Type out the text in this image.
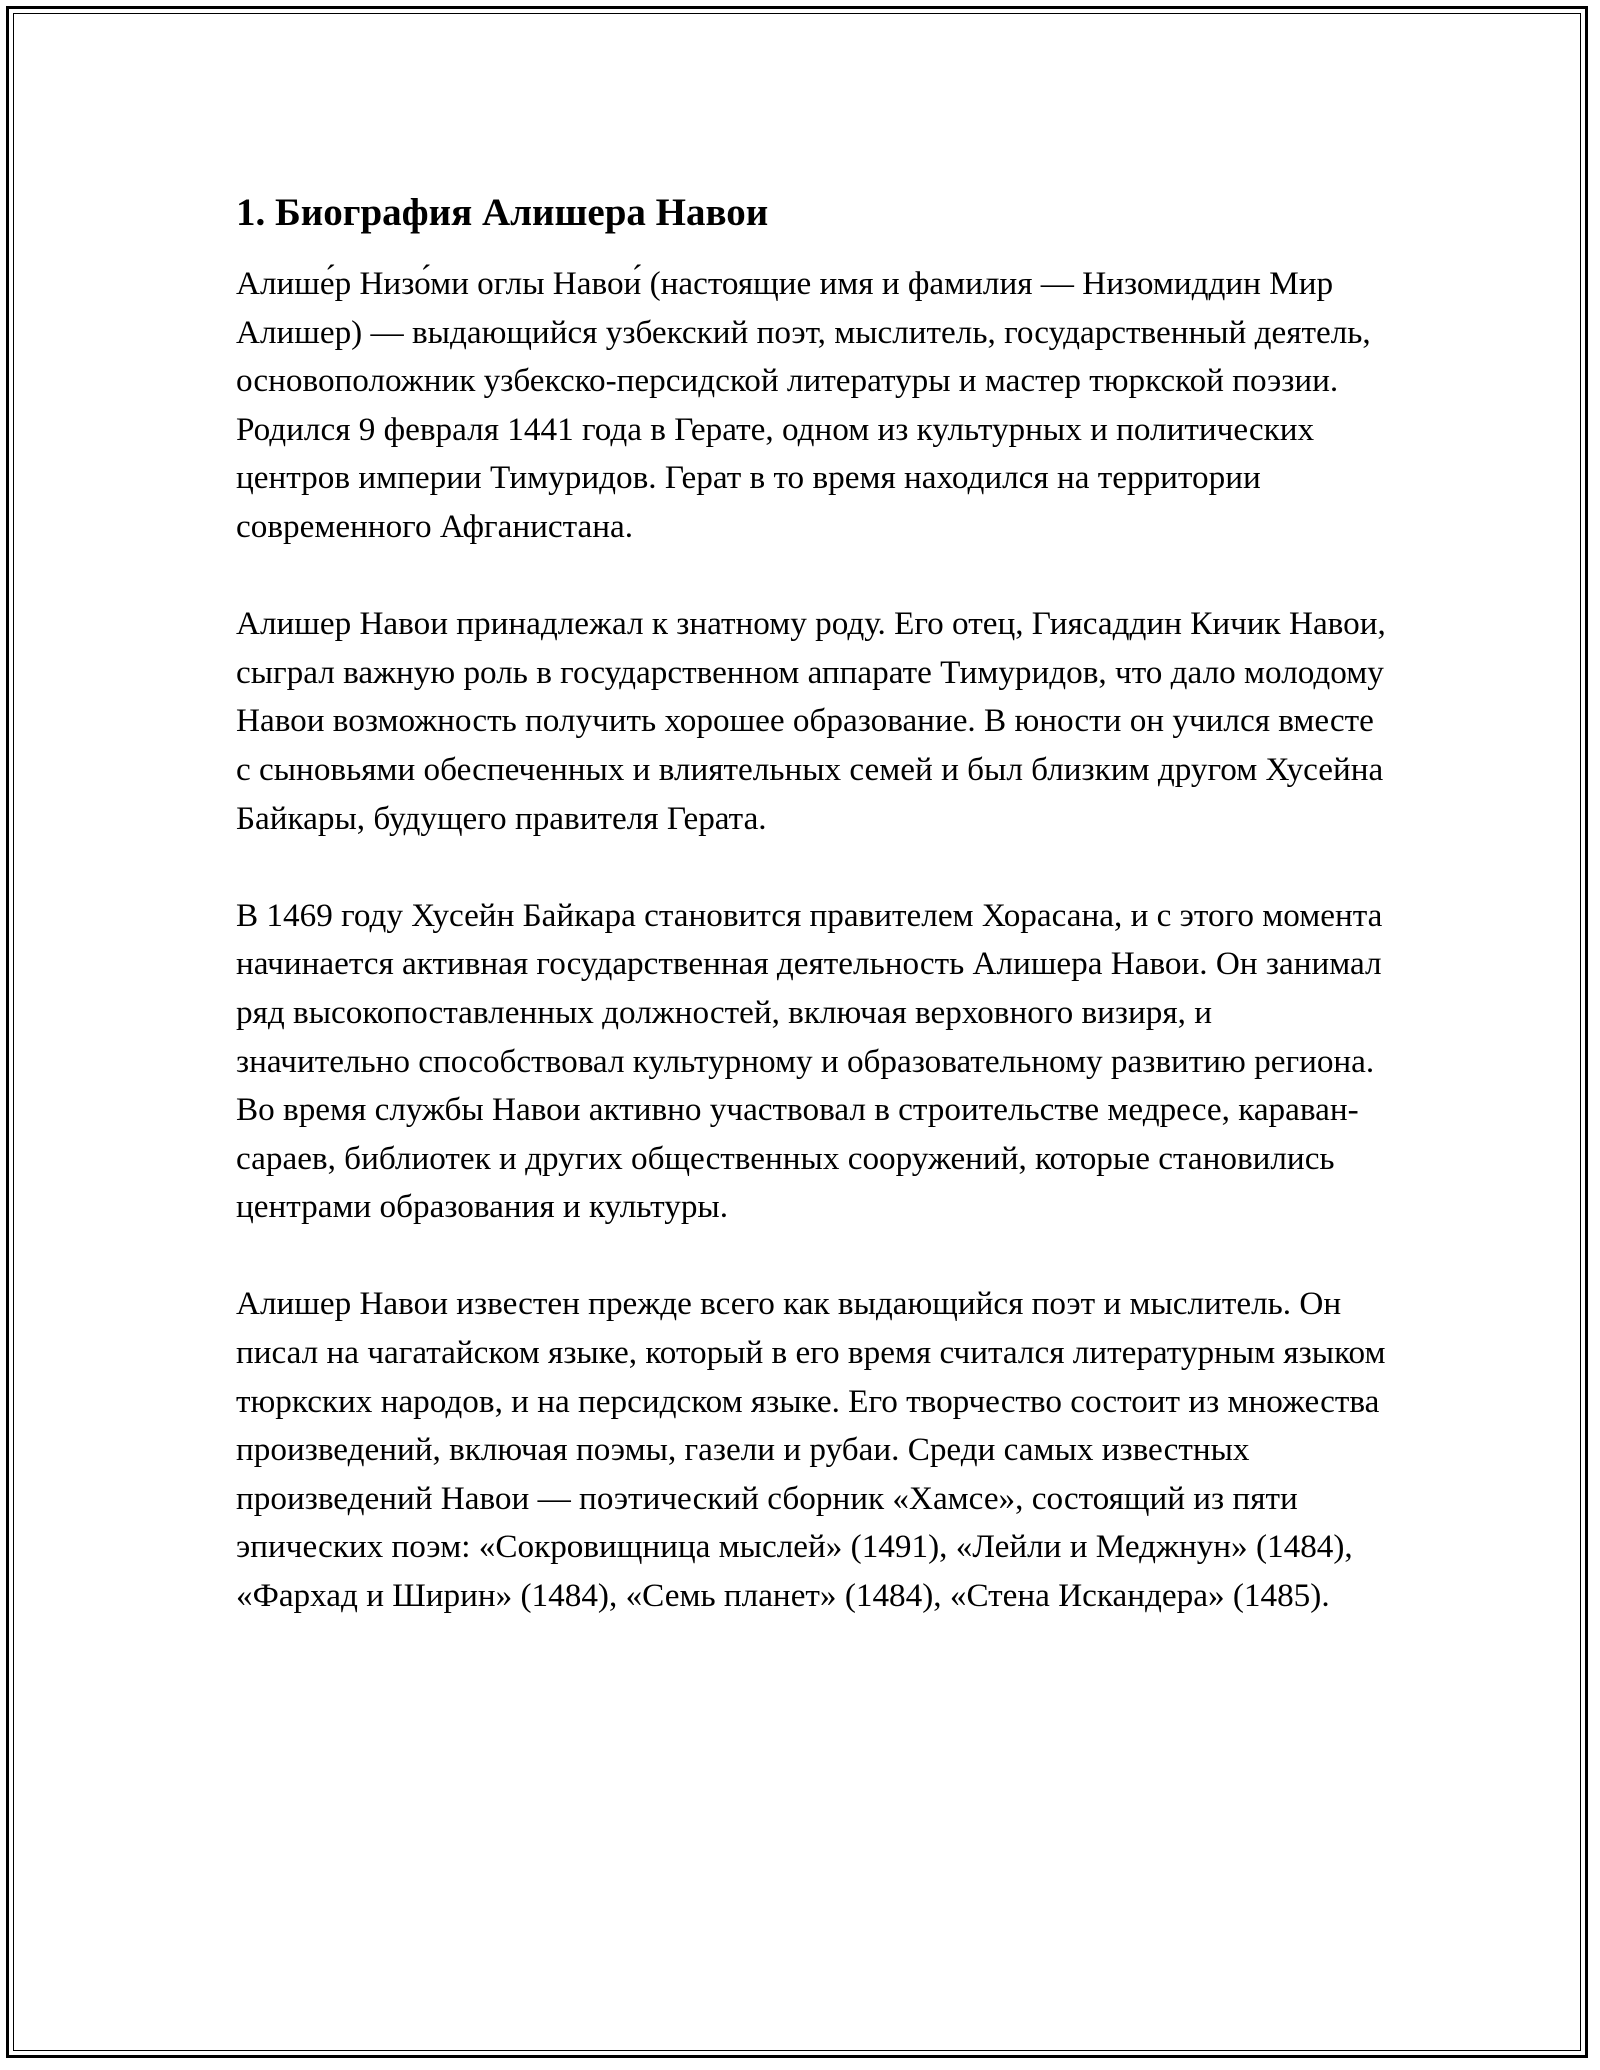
1. Биография Алишера Навои

Алише́р Низо́ми оглы Навои́ (настоящие имя и фамилия — Низомиддин Мир Алишер) — выдающийся узбекский поэт, мыслитель, государственный деятель, основоположник узбекско-персидской литературы и мастер тюркской поэзии. Родился 9 февраля 1441 года в Герате, одном из культурных и политических центров империи Тимуридов. Герат в то время находился на территории современного Афганистана.

Алишер Навои принадлежал к знатному роду. Его отец, Гиясаддин Кичик Навои, сыграл важную роль в государственном аппарате Тимуридов, что дало молодому Навои возможность получить хорошее образование. В юности он учился вместе с сыновьями обеспеченных и влиятельных семей и был близким другом Хусейна Байкары, будущего правителя Герата.

В 1469 году Хусейн Байкара становится правителем Хорасана, и с этого момента начинается активная государственная деятельность Алишера Навои. Он занимал ряд высокопоставленных должностей, включая верховного визиря, и значительно способствовал культурному и образовательному развитию региона. Во время службы Навои активно участвовал в строительстве медресе, караван-сараев, библиотек и других общественных сооружений, которые становились центрами образования и культуры.

Алишер Навои известен прежде всего как выдающийся поэт и мыслитель. Он писал на чагатайском языке, который в его время считался литературным языком тюркских народов, и на персидском языке. Его творчество состоит из множества произведений, включая поэмы, газели и рубаи. Среди самых известных произведений Навои — поэтический сборник «Хамсе», состоящий из пяти эпических поэм: «Сокровищница мыслей» (1491), «Лейли и Меджнун» (1484), «Фархад и Ширин» (1484), «Семь планет» (1484), «Стена Искандера» (1485).
